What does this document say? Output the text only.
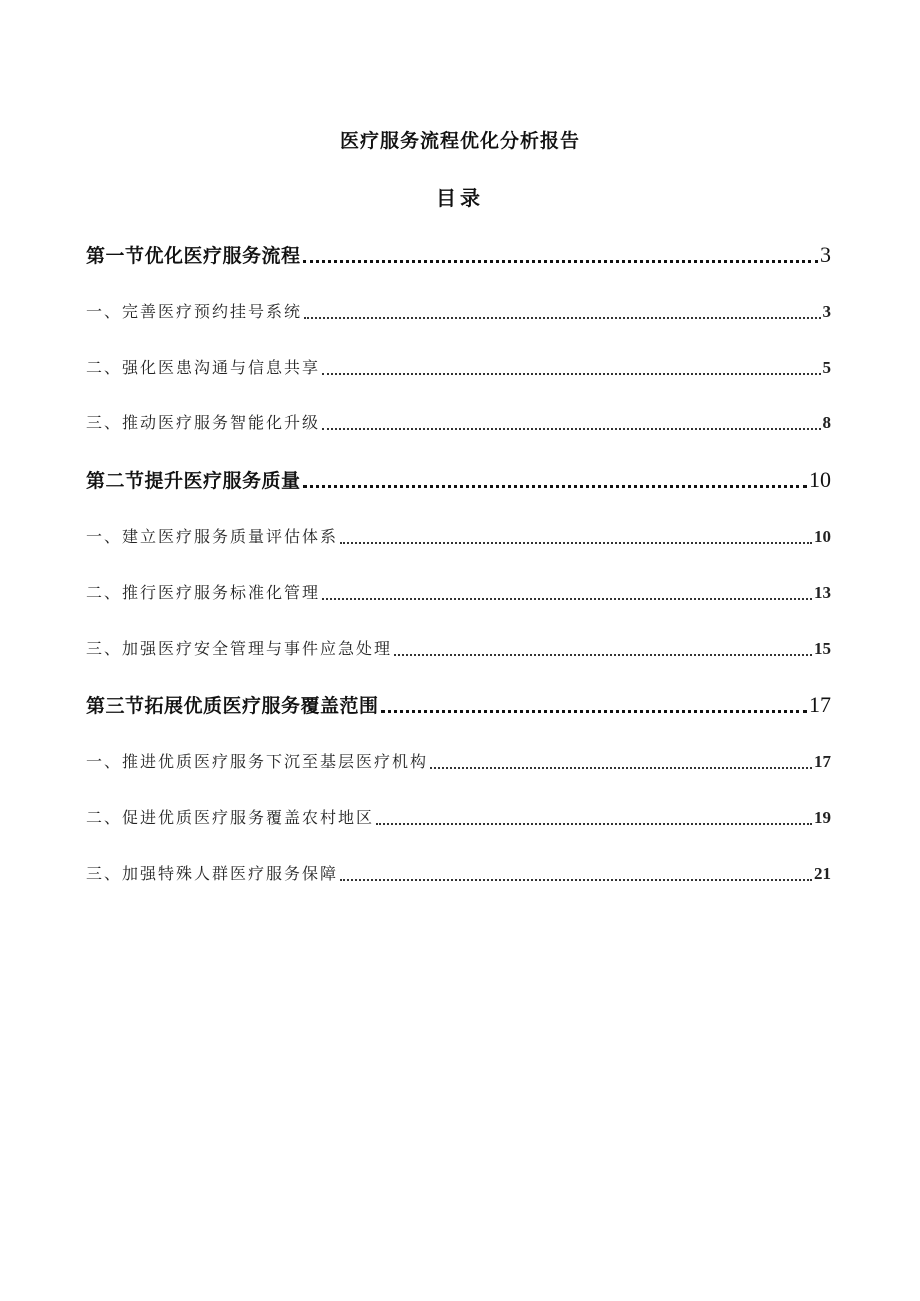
医疗服务流程优化分析报告
目录
第一节优化医疗服务流程	3
一、完善医疗预约挂号系统	3
二、强化医患沟通与信息共享	5
三、推动医疗服务智能化升级	8
第二节提升医疗服务质量	10
一、建立医疗服务质量评估体系	10
二、推行医疗服务标准化管理	13
三、加强医疗安全管理与事件应急处理	15
第三节拓展优质医疗服务覆盖范围	17
一、推进优质医疗服务下沉至基层医疗机构	17
二、促进优质医疗服务覆盖农村地区	19
三、加强特殊人群医疗服务保障	21
